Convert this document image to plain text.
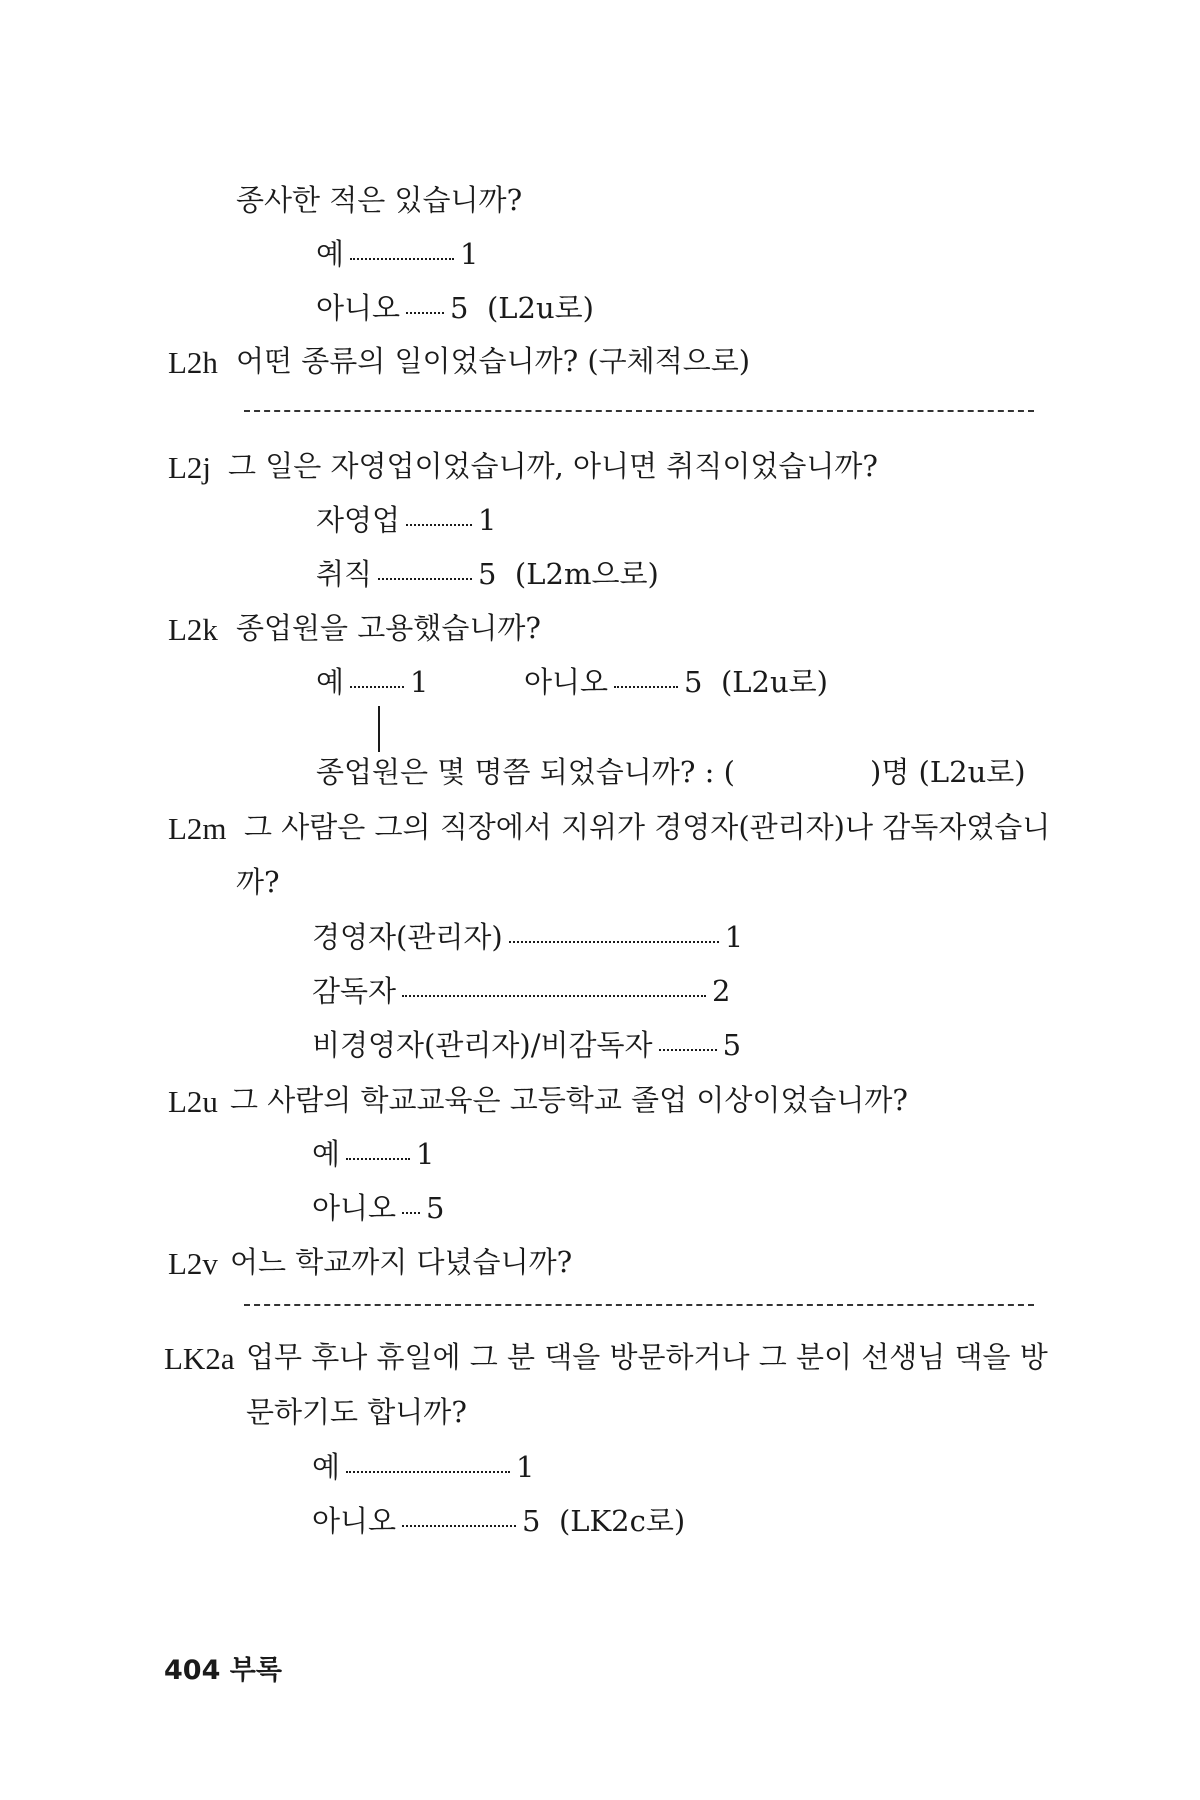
종사한 적은 있습니까?
예	1
아니오 5 (L2u로)
L2h 어떤 종류의 일이었습니까? (구체적으로)
L2j 그 일은 자영업이었습니까, 아니면 취직이었습니까?
자영업	1
취직	5 (L2m으로)
L2k 종업원을 고용했습니까?
예 1	아니오	5 (L2u로)
종업원은 몇 명쯤 되었습니까? : (	)명 (L2u로)
L2m 그 사람은 그의 직장에서 지위가 경영자(관리자)나 감독자였습니
까?
경영자(관리자)	1
감독자	2
비경영자(관리자)/비감독자 5
L2u 그 사람의 학교교육은 고등학교 졸업 이상이었습니까?
예	1
아니오 5
L2v 어느 학교까지 다녔습니까?
LK2a 업무 후나 휴일에 그 분 댁을 방문하거나 그 분이 선생님 댁을 방
문하기도 합니까?
예	1
아니오	5 (LK2c로)
404 부록
